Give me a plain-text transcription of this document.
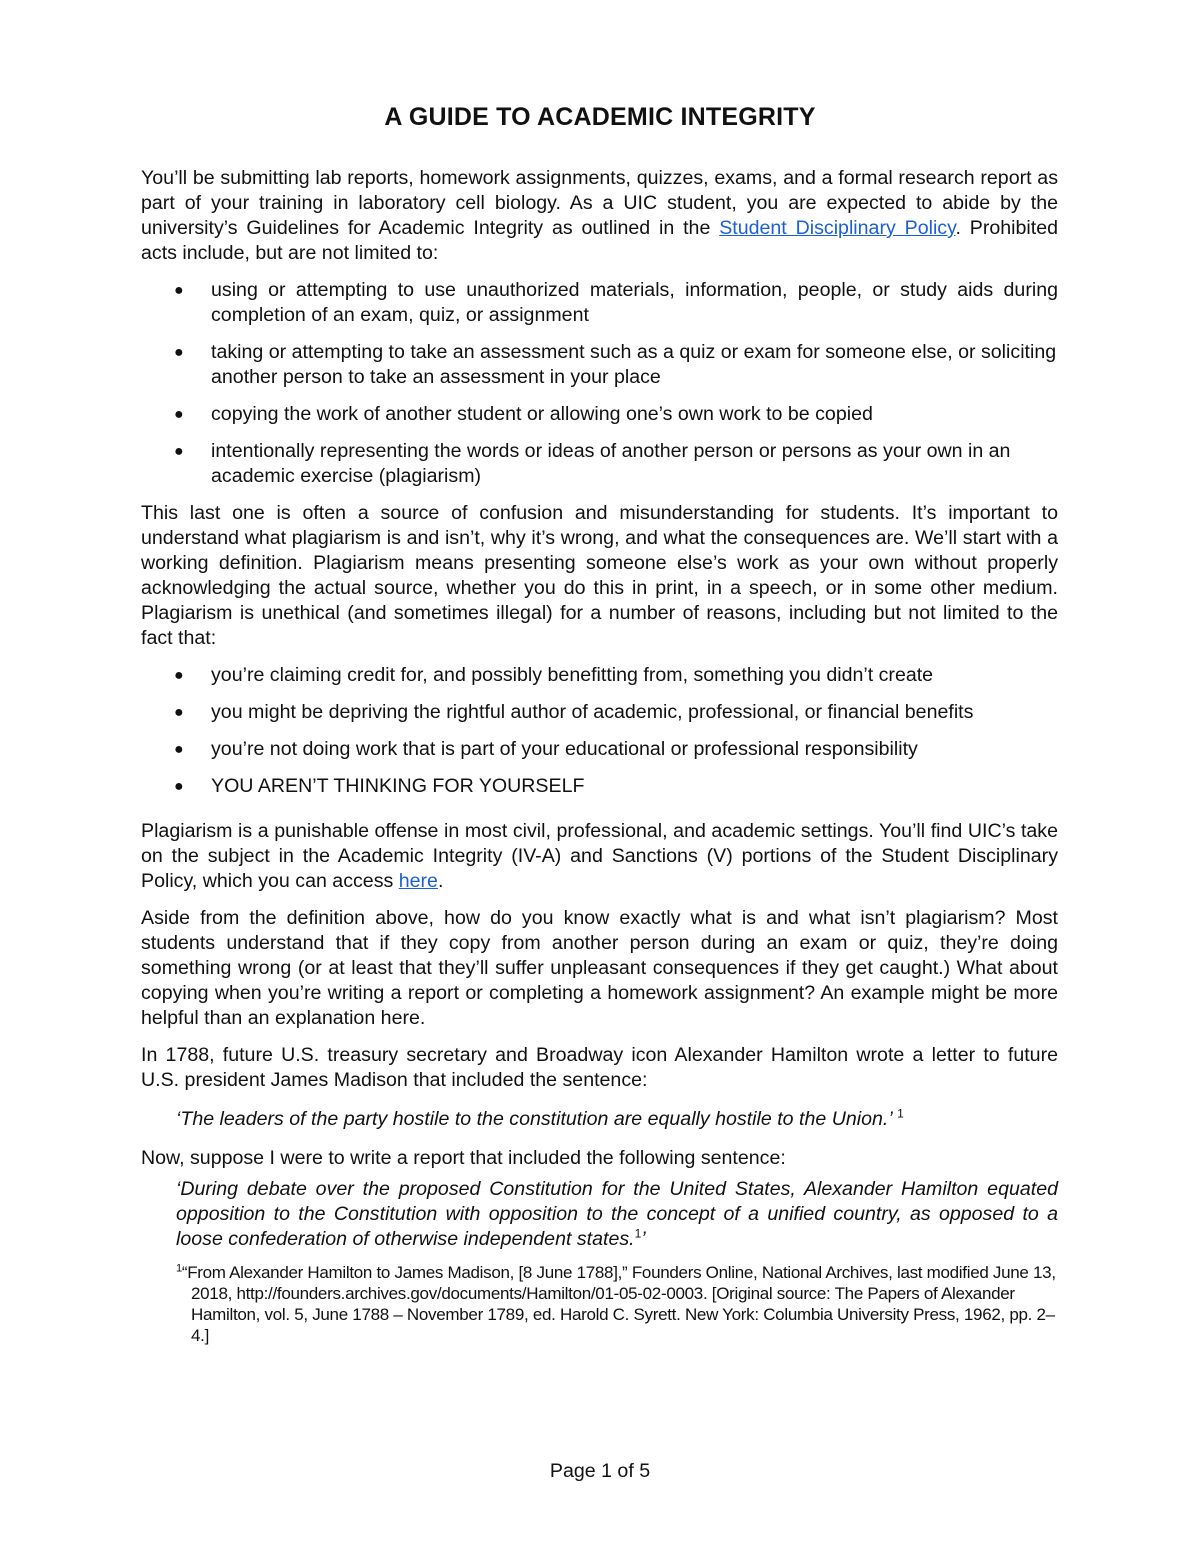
A GUIDE TO ACADEMIC INTEGRITY

You’ll be submitting lab reports, homework assignments, quizzes, exams, and a formal research report as part of your training in laboratory cell biology. As a UIC student, you are expected to abide by the university’s Guidelines for Academic Integrity as outlined in the Student Disciplinary Policy. Prohibited acts include, but are not limited to:

● using or attempting to use unauthorized materials, information, people, or study aids during completion of an exam, quiz, or assignment
● taking or attempting to take an assessment such as a quiz or exam for someone else, or soliciting another person to take an assessment in your place
● copying the work of another student or allowing one’s own work to be copied
● intentionally representing the words or ideas of another person or persons as your own in an academic exercise (plagiarism)

This last one is often a source of confusion and misunderstanding for students. It’s important to understand what plagiarism is and isn’t, why it’s wrong, and what the consequences are. We’ll start with a working definition. Plagiarism means presenting someone else’s work as your own without properly acknowledging the actual source, whether you do this in print, in a speech, or in some other medium. Plagiarism is unethical (and sometimes illegal) for a number of reasons, including but not limited to the fact that:

● you’re claiming credit for, and possibly benefitting from, something you didn’t create
● you might be depriving the rightful author of academic, professional, or financial benefits
● you’re not doing work that is part of your educational or professional responsibility
● YOU AREN’T THINKING FOR YOURSELF

Plagiarism is a punishable offense in most civil, professional, and academic settings. You’ll find UIC’s take on the subject in the Academic Integrity (IV-A) and Sanctions (V) portions of the Student Disciplinary Policy, which you can access here.

Aside from the definition above, how do you know exactly what is and what isn’t plagiarism? Most students understand that if they copy from another person during an exam or quiz, they’re doing something wrong (or at least that they’ll suffer unpleasant consequences if they get caught.) What about copying when you’re writing a report or completing a homework assignment? An example might be more helpful than an explanation here.

In 1788, future U.S. treasury secretary and Broadway icon Alexander Hamilton wrote a letter to future U.S. president James Madison that included the sentence:

‘The leaders of the party hostile to the constitution are equally hostile to the Union.’ $^1$

Now, suppose I were to write a report that included the following sentence:

‘During debate over the proposed Constitution for the United States, Alexander Hamilton equated opposition to the Constitution with opposition to the concept of a unified country, as opposed to a loose confederation of otherwise independent states.$^1$’

$^1$“From Alexander Hamilton to James Madison, [8 June 1788],” Founders Online, National Archives, last modified June 13, 2018, http://founders.archives.gov/documents/Hamilton/01-05-02-0003. [Original source: The Papers of Alexander Hamilton, vol. 5, June 1788 – November 1789, ed. Harold C. Syrett. New York: Columbia University Press, 1962, pp. 2–4.]
Page 1 of 5
